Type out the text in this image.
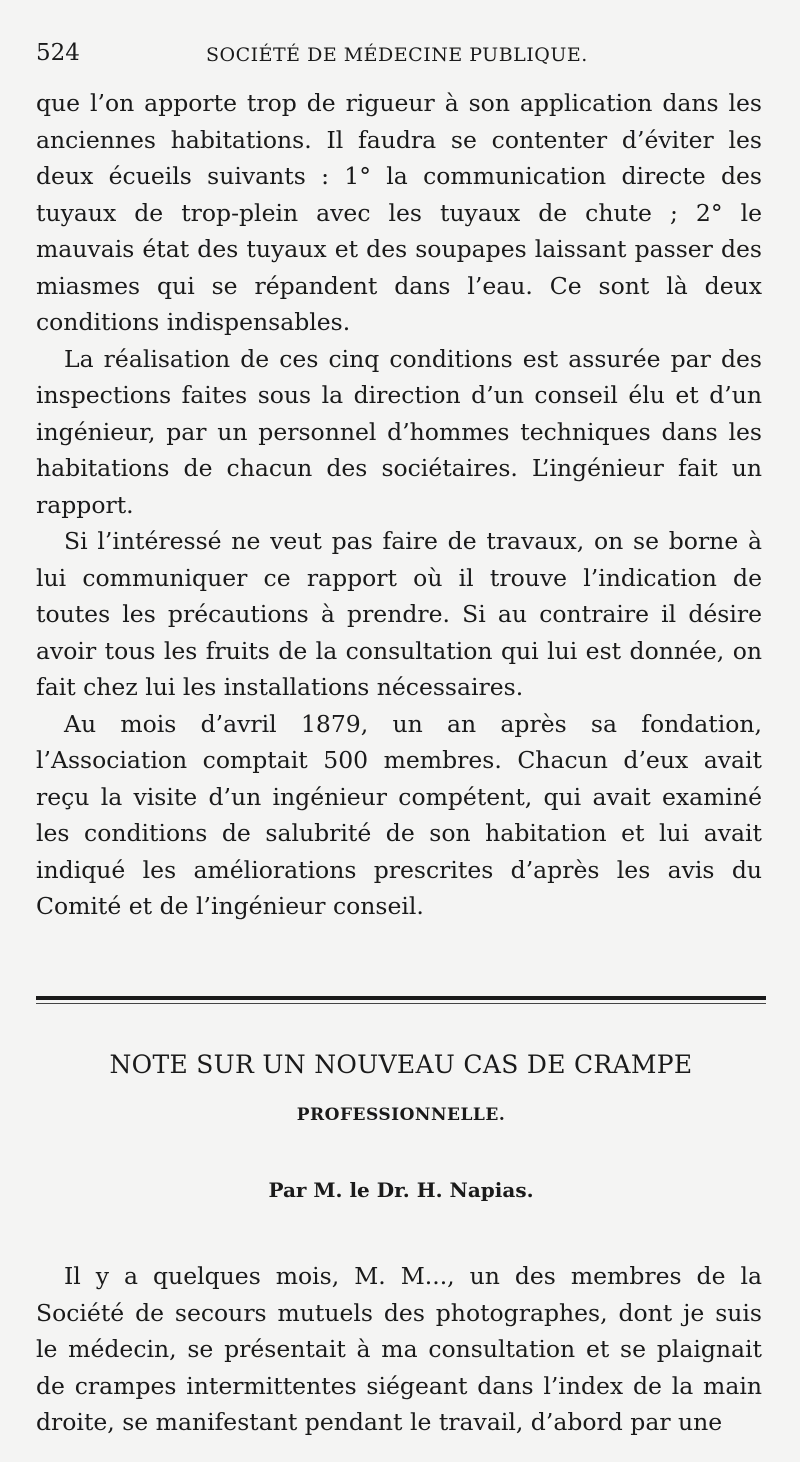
524	SOCIÉTÉ DE MÉDECINE PUBLIQUE.

que l’on apporte trop de rigueur à son application dans les anciennes habitations. Il faudra se contenter d’éviter les deux écueils suivants : 1° la communication directe des tuyaux de trop-plein avec les tuyaux de chute ; 2° le mauvais état des tuyaux et des soupapes laissant passer des miasmes qui se répandent dans l’eau. Ce sont là deux conditions indispensables.

La réalisation de ces cinq conditions est assurée par des inspections faites sous la direction d’un conseil élu et d’un ingénieur, par un personnel d’hommes techniques dans les habitations de chacun des sociétaires. L’ingénieur fait un rapport.

Si l’intéressé ne veut pas faire de travaux, on se borne à lui communiquer ce rapport où il trouve l’indication de toutes les précautions à prendre. Si au contraire il désire avoir tous les fruits de la consultation qui lui est donnée, on fait chez lui les installations nécessaires.

Au mois d’avril 1879, un an après sa fondation, l’Association comptait 500 membres. Chacun d’eux avait reçu la visite d’un ingénieur compétent, qui avait examiné les conditions de salubrité de son habitation et lui avait indiqué les améliorations prescrites d’après les avis du Comité et de l’ingénieur conseil.

NOTE SUR UN NOUVEAU CAS DE CRAMPE
PROFESSIONNELLE.
Par M. le Dr. H. Napias.

Il y a quelques mois, M. M..., un des membres de la Société de secours mutuels des photographes, dont je suis le médecin, se présentait à ma consultation et se plaignait de crampes intermittentes siégeant dans l’index de la main droite, se manifestant pendant le travail, d’abord par une
